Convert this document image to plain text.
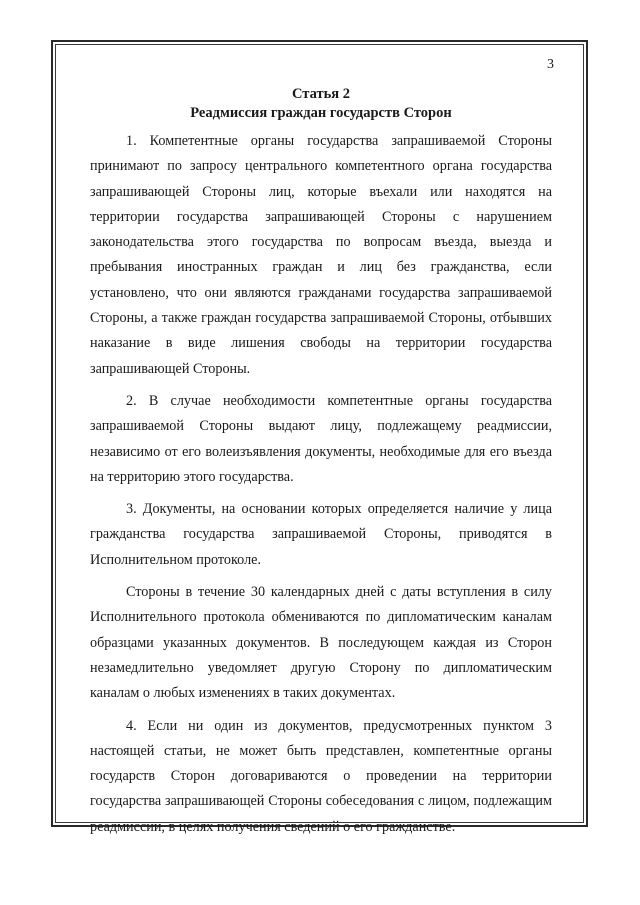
3
Статья 2
Реадмиссия граждан государств Сторон

1. Компетентные органы государства запрашиваемой Стороны принимают по запросу центрального компетентного органа государства запрашивающей Стороны лиц, которые въехали или находятся на территории государства запрашивающей Стороны с нарушением законодательства этого государства по вопросам въезда, выезда и пребывания иностранных граждан и лиц без гражданства, если установлено, что они являются гражданами государства запрашиваемой Стороны, а также граждан государства запрашиваемой Стороны, отбывших наказание в виде лишения свободы на территории государства запрашивающей Стороны.

2. В случае необходимости компетентные органы государства запрашиваемой Стороны выдают лицу, подлежащему реадмиссии, независимо от его волеизъявления документы, необходимые для его въезда на территорию этого государства.

3. Документы, на основании которых определяется наличие у лица гражданства государства запрашиваемой Стороны, приводятся в Исполнительном протоколе.

Стороны в течение 30 календарных дней с даты вступления в силу Исполнительного протокола обмениваются по дипломатическим каналам образцами указанных документов. В последующем каждая из Сторон незамедлительно уведомляет другую Сторону по дипломатическим каналам о любых изменениях в таких документах.

4. Если ни один из документов, предусмотренных пунктом 3 настоящей статьи, не может быть представлен, компетентные органы государств Сторон договариваются о проведении на территории государства запрашивающей Стороны собеседования с лицом, подлежащим реадмиссии, в целях получения сведений о его гражданстве.
